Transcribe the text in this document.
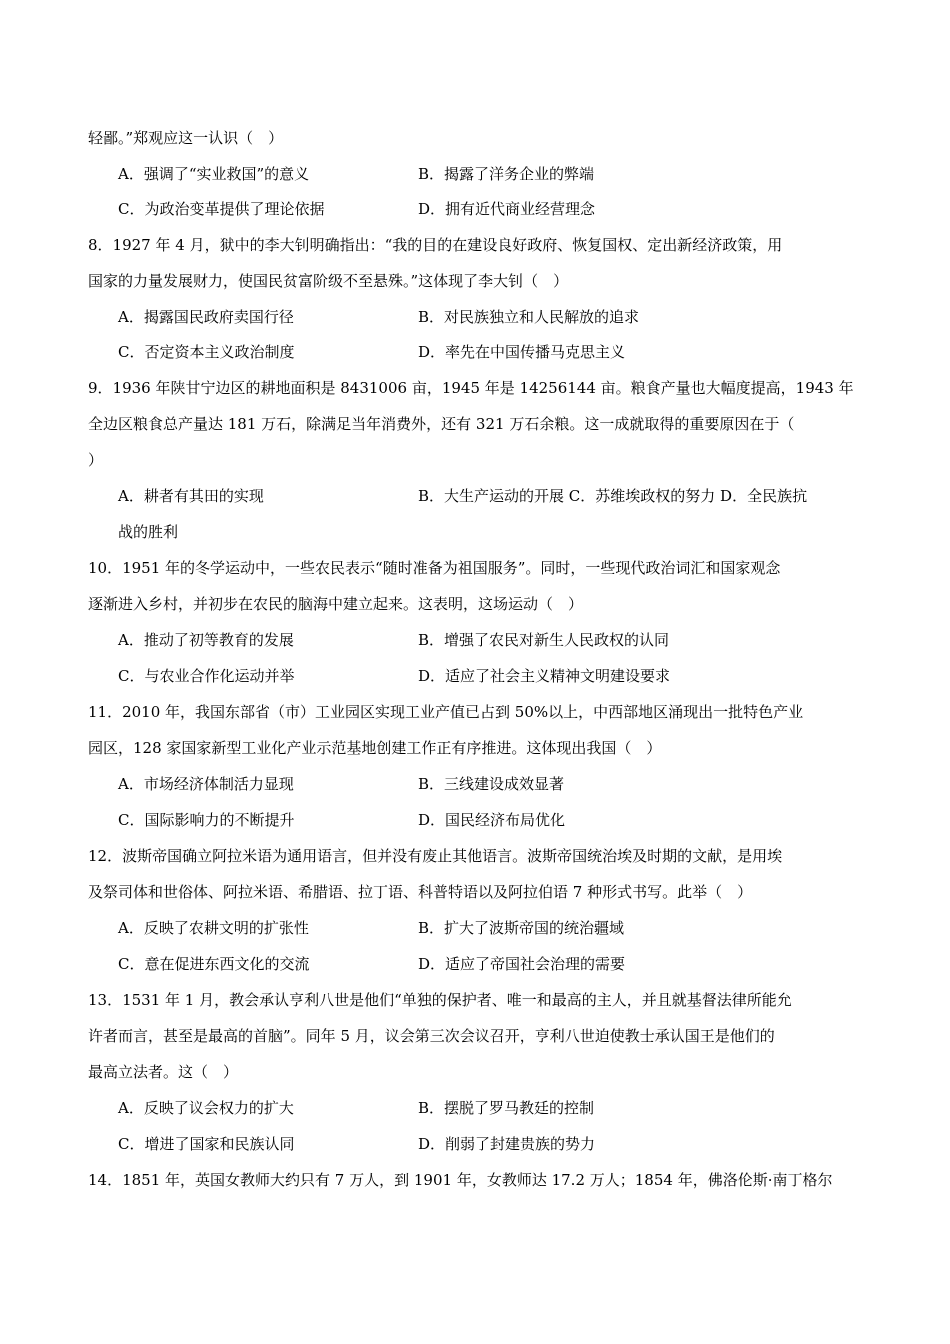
轻鄙。”郑观应这一认识（　）
A．强调了“实业救国”的意义	B．揭露了洋务企业的弊端
C．为政治变革提供了理论依据	D．拥有近代商业经营理念
8．1927 年 4 月，狱中的李大钊明确指出：“我的目的在建设良好政府、恢复国权、定出新经济政策，用
国家的力量发展财力，使国民贫富阶级不至悬殊。”这体现了李大钊（　）
A．揭露国民政府卖国行径	B．对民族独立和人民解放的追求
C．否定资本主义政治制度	D．率先在中国传播马克思主义
9．1936 年陕甘宁边区的耕地面积是 8431006 亩，1945 年是 14256144 亩。粮食产量也大幅度提高，1943 年
全边区粮食总产量达 181 万石，除满足当年消费外，还有 321 万石余粮。这一成就取得的重要原因在于（
）
A．耕者有其田的实现	B．大生产运动的开展 C．苏维埃政权的努力 D．全民族抗
战的胜利
10．1951 年的冬学运动中，一些农民表示“随时准备为祖国服务”。同时，一些现代政治词汇和国家观念
逐渐进入乡村，并初步在农民的脑海中建立起来。这表明，这场运动（　）
A．推动了初等教育的发展	B．增强了农民对新生人民政权的认同
C．与农业合作化运动并举	D．适应了社会主义精神文明建设要求
11．2010 年，我国东部省（市）工业园区实现工业产值已占到 50%以上，中西部地区涌现出一批特色产业
园区，128 家国家新型工业化产业示范基地创建工作正有序推进。这体现出我国（　）
A．市场经济体制活力显现	B．三线建设成效显著
C．国际影响力的不断提升	D．国民经济布局优化
12．波斯帝国确立阿拉米语为通用语言，但并没有废止其他语言。波斯帝国统治埃及时期的文献，是用埃
及祭司体和世俗体、阿拉米语、希腊语、拉丁语、科普特语以及阿拉伯语 7 种形式书写。此举（　）
A．反映了农耕文明的扩张性	B．扩大了波斯帝国的统治疆域
C．意在促进东西文化的交流	D．适应了帝国社会治理的需要
13．1531 年 1 月，教会承认亨利八世是他们“单独的保护者、唯一和最高的主人，并且就基督法律所能允
许者而言，甚至是最高的首脑”。同年 5 月，议会第三次会议召开，亨利八世迫使教士承认国王是他们的
最高立法者。这（　）
A．反映了议会权力的扩大	B．摆脱了罗马教廷的控制
C．增进了国家和民族认同	D．削弱了封建贵族的势力
14．1851 年，英国女教师大约只有 7 万人，到 1901 年，女教师达 17.2 万人；1854 年，佛洛伦斯·南丁格尔
